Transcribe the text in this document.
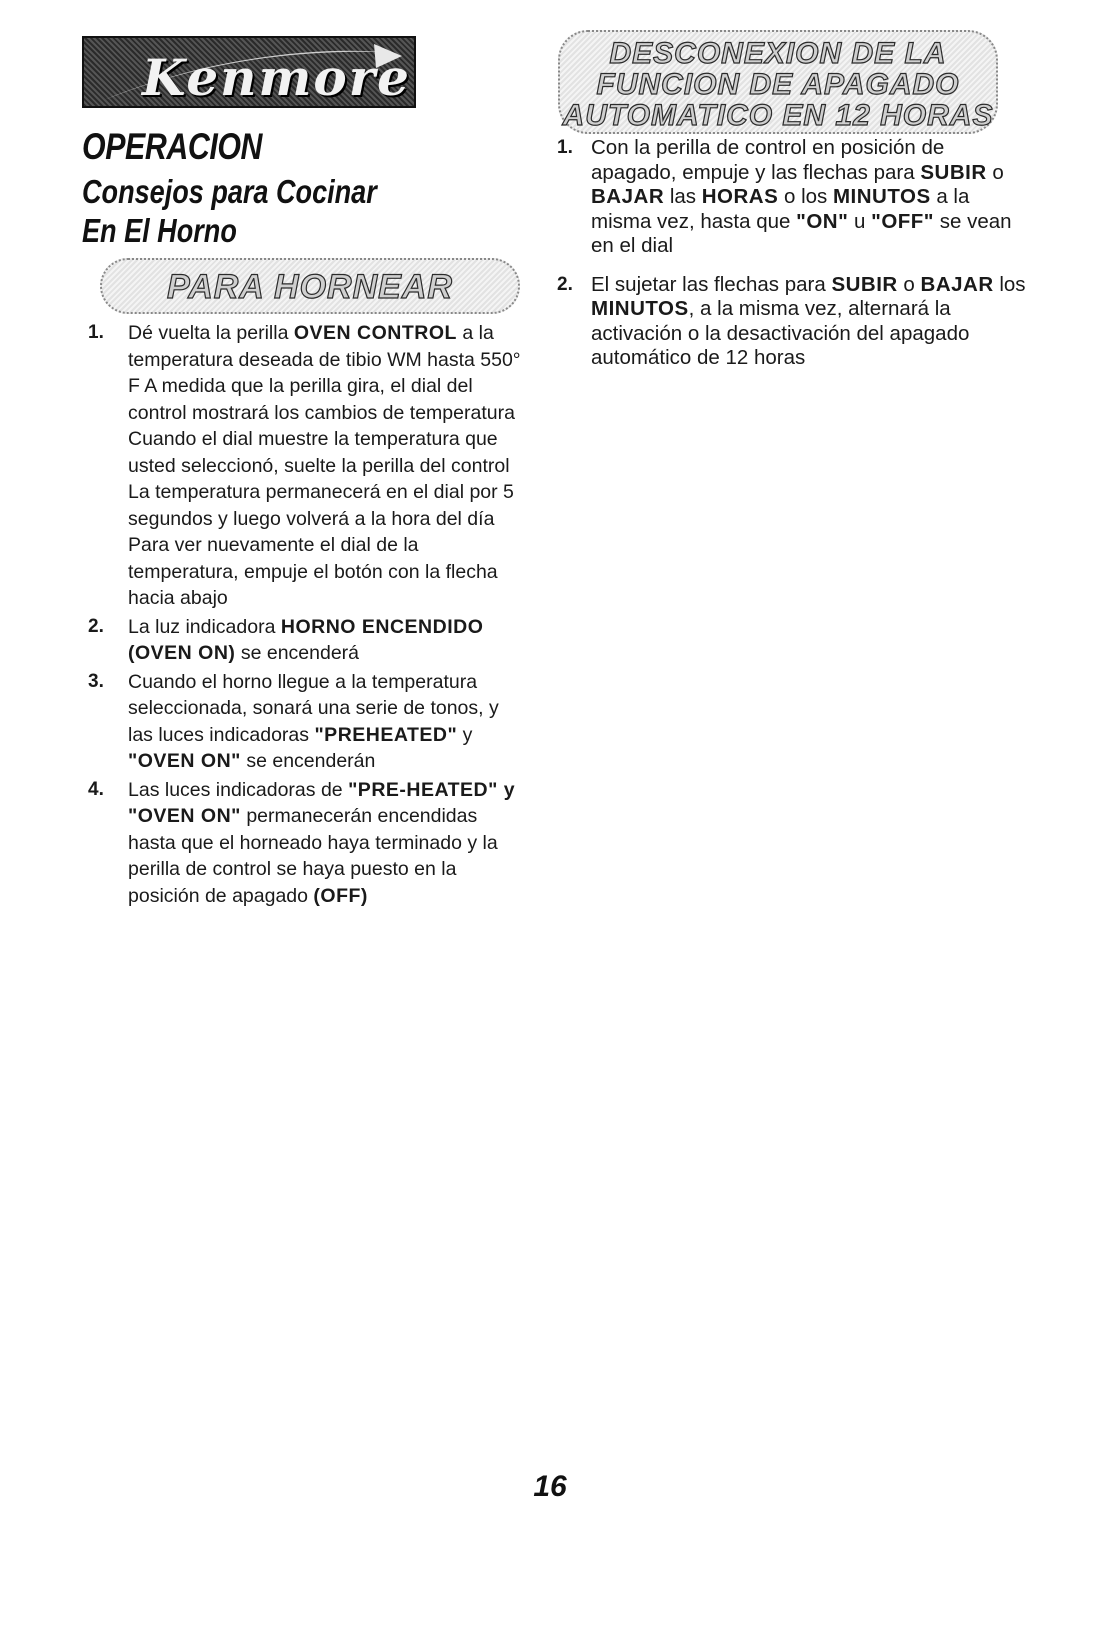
Kenmore
OPERACION
Consejos para Cocinar
En El Horno
PARA HORNEAR
1. Dé vuelta la perilla OVEN CONTROL a la temperatura deseada de tibio WM hasta 550° F A medida que la perilla gira, el dial del control mostrará los cambios de temperatura Cuando el dial muestre la temperatura que usted seleccionó, suelte la perilla del control La temperatura permanecerá en el dial por 5 segundos y luego volverá a la hora del día Para ver nuevamente el dial de la temperatura, empuje el botón con la flecha hacia abajo
2. La luz indicadora HORNO ENCENDIDO (OVEN ON) se encenderá
3. Cuando el horno llegue a la temperatura seleccionada, sonará una serie de tonos, y las luces indicadoras "PREHEATED" y "OVEN ON" se encenderán
4. Las luces indicadoras de "PRE-HEATED" y "OVEN ON" permanecerán encendidas hasta que el horneado haya terminado y la perilla de control se haya puesto en la posición de apagado (OFF)
DESCONEXION DE LA
FUNCION DE APAGADO
AUTOMATICO EN 12 HORAS
1. Con la perilla de control en posición de apagado, empuje y las flechas para SUBIR o BAJAR las HORAS o los MINUTOS a la misma vez, hasta que "ON" u "OFF" se vean en el dial
2. El sujetar las flechas para SUBIR o BAJAR los MINUTOS, a la misma vez, alternará la activación o la desactivación del apagado automático de 12 horas
16
